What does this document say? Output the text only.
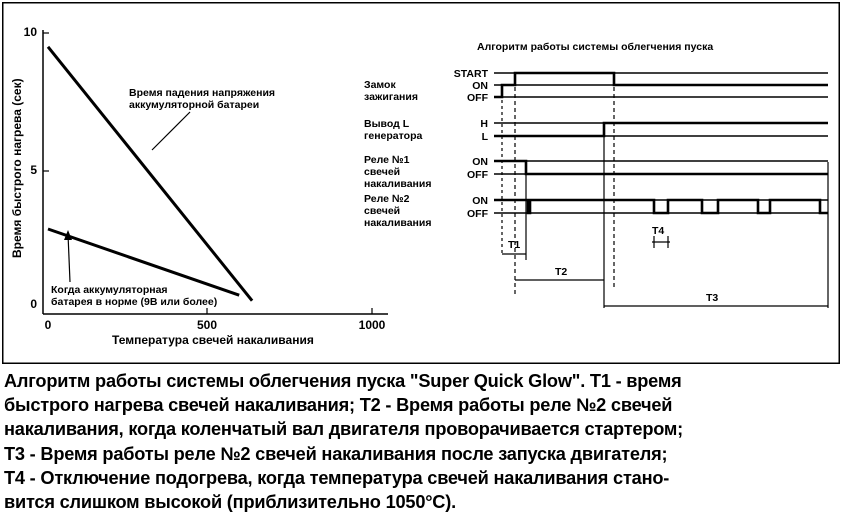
Время быстрого нагрева (сек)
10
5
0
0	500	1000
Температура свечей накаливания
Время падения напряжения
аккумуляторной батареи
Когда аккумуляторная
батарея в норме (9В или более)
Алгоритм работы системы облегчения пуска
Замок
зажигания
Вывод L
генератора
Реле №1
свечей
накаливания
Реле №2
свечей
накаливания
START
ON
OFF
H
L
ON
OFF
ON
OFF
T1
T2
T3
T4
Алгоритм работы системы облегчения пуска "Super Quick Glow". T1 - время
быстрого нагрева свечей накаливания; T2 - Время работы реле №2 свечей
накаливания, когда коленчатый вал двигателя проворачивается стартером;
Т3 - Время работы реле №2 свечей накаливания после запуска двигателя;
T4 - Отключение подогрева, когда температура свечей накаливания стано-
вится слишком высокой (приблизительно 1050°С).
